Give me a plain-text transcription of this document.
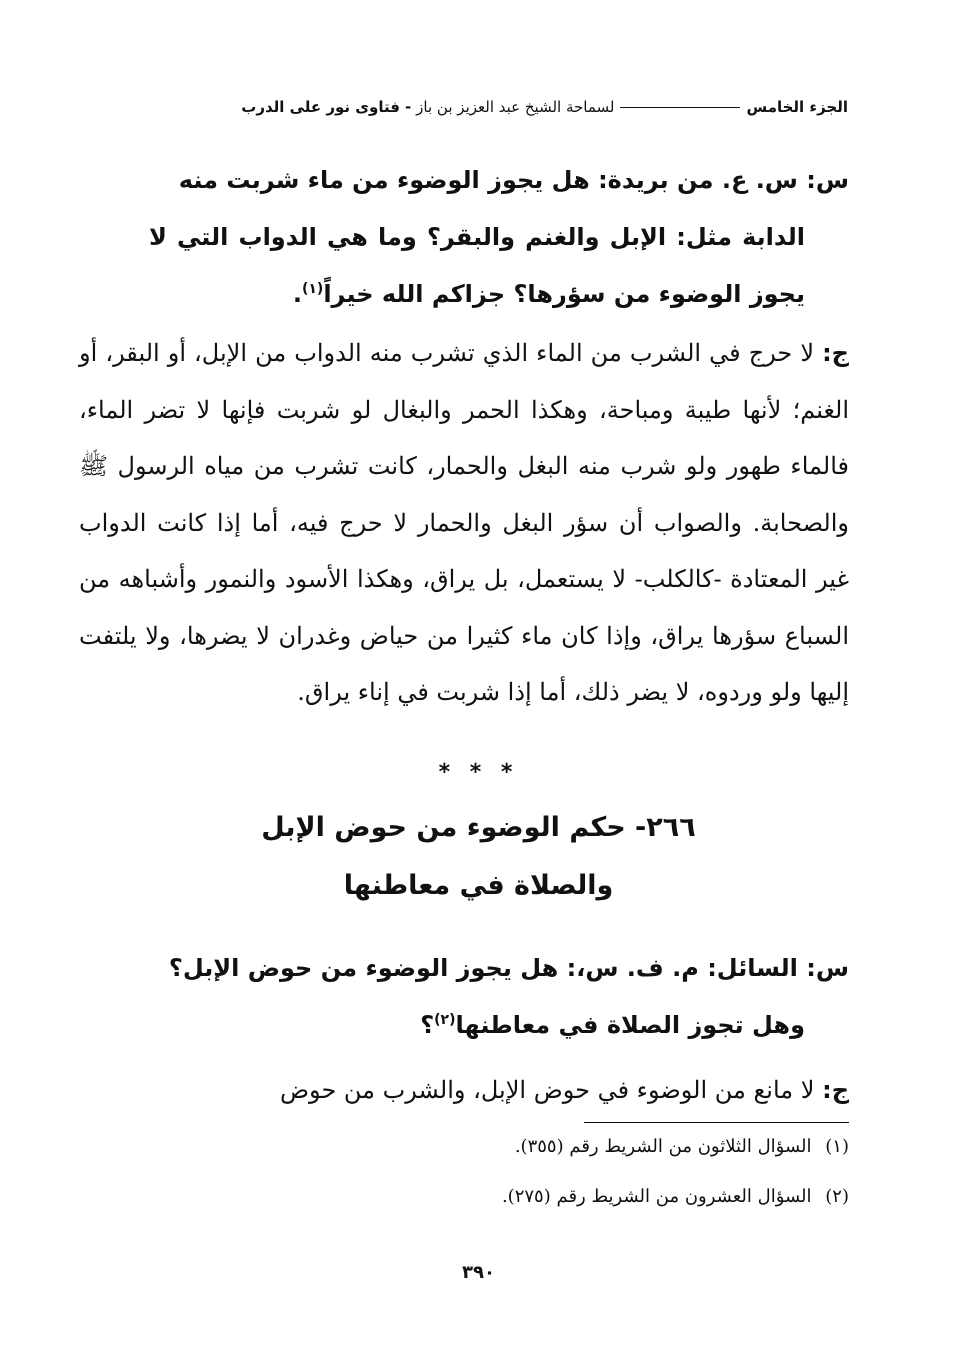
الجزء الخامس
لسماحة الشيخ عبد العزيز بن باز
-
فتاوى نور على الدرب
س: س. ع. من بريدة: هل يجوز الوضوء من ماء شربت منه
الدابة مثل: الإبل والغنم والبقر؟ وما هي الدواب التي لا يجوز الوضوء من سؤرها؟ جزاكم الله خيراً$^{(١)}$.
ج: لا حرج في الشرب من الماء الذي تشرب منه الدواب من الإبل، أو البقر، أو الغنم؛ لأنها طيبة ومباحة، وهكذا الحمر والبغال لو شربت فإنها لا تضر الماء، فالماء طهور ولو شرب منه البغل والحمار، كانت تشرب من مياه الرسول ﷺ والصحابة. والصواب أن سؤر البغل والحمار لا حرج فيه، أما إذا كانت الدواب غير المعتادة -كالكلب- لا يستعمل، بل يراق، وهكذا الأسود والنمور وأشباهه من السباع سؤرها يراق، وإذا كان ماء كثيرا من حياض وغدران لا يضرها، ولا يلتفت إليها ولو وردوه، لا يضر ذلك، أما إذا شربت في إناء يراق.
* * *
٢٦٦- حكم الوضوء من حوض الإبل
والصلاة في معاطنها
س: السائل: م. ف. س،: هل يجوز الوضوء من حوض الإبل؟
وهل تجوز الصلاة في معاطنها$^{(٢)}$؟
ج: لا مانع من الوضوء في حوض الإبل، والشرب من حوض
(١) السؤال الثلاثون من الشريط رقم (٣٥٥).
(٢) السؤال العشرون من الشريط رقم (٢٧٥).
٣٩٠
